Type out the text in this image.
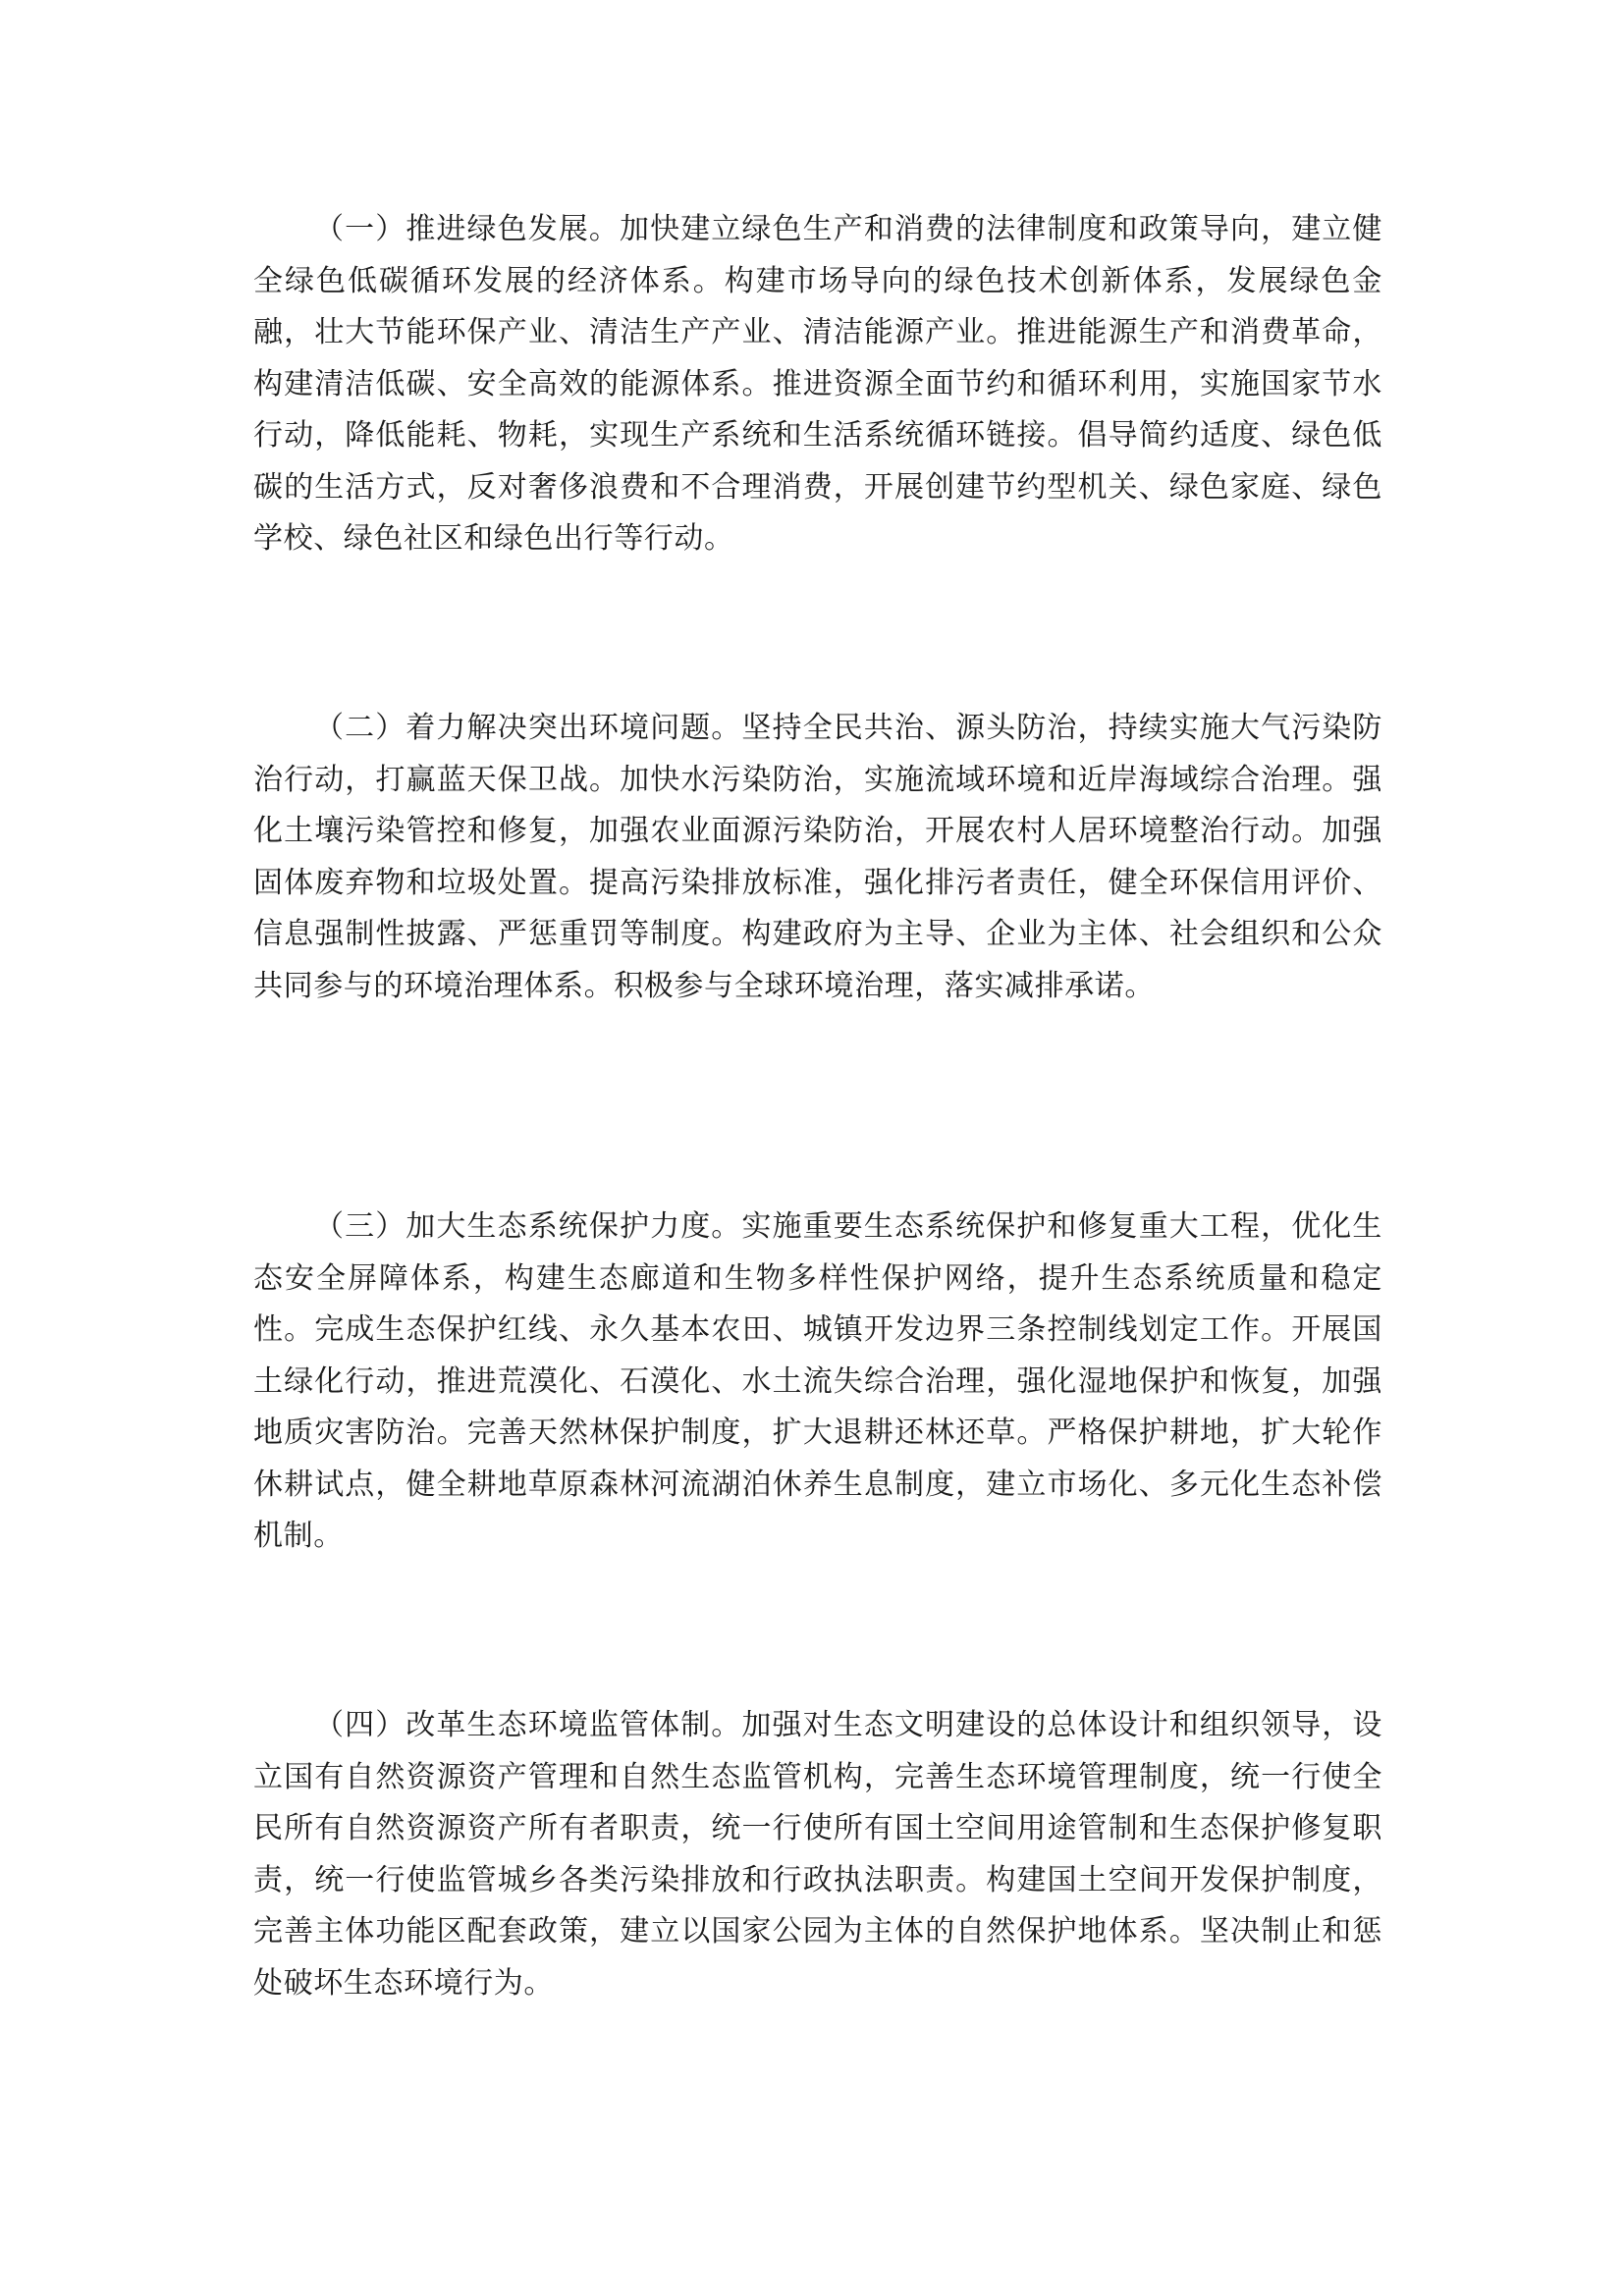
（一）推进绿色发展。加快建立绿色生产和消费的法律制度和政策导向，建立健全绿色低碳循环发展的经济体系。构建市场导向的绿色技术创新体系，发展绿色金融，壮大节能环保产业、清洁生产产业、清洁能源产业。推进能源生产和消费革命，构建清洁低碳、安全高效的能源体系。推进资源全面节约和循环利用，实施国家节水行动，降低能耗、物耗，实现生产系统和生活系统循环链接。倡导简约适度、绿色低碳的生活方式，反对奢侈浪费和不合理消费，开展创建节约型机关、绿色家庭、绿色学校、绿色社区和绿色出行等行动。

（二）着力解决突出环境问题。坚持全民共治、源头防治，持续实施大气污染防治行动，打赢蓝天保卫战。加快水污染防治，实施流域环境和近岸海域综合治理。强化土壤污染管控和修复，加强农业面源污染防治，开展农村人居环境整治行动。加强固体废弃物和垃圾处置。提高污染排放标准，强化排污者责任，健全环保信用评价、信息强制性披露、严惩重罚等制度。构建政府为主导、企业为主体、社会组织和公众共同参与的环境治理体系。积极参与全球环境治理，落实减排承诺。

（三）加大生态系统保护力度。实施重要生态系统保护和修复重大工程，优化生态安全屏障体系，构建生态廊道和生物多样性保护网络，提升生态系统质量和稳定性。完成生态保护红线、永久基本农田、城镇开发边界三条控制线划定工作。开展国土绿化行动，推进荒漠化、石漠化、水土流失综合治理，强化湿地保护和恢复，加强地质灾害防治。完善天然林保护制度，扩大退耕还林还草。严格保护耕地，扩大轮作休耕试点，健全耕地草原森林河流湖泊休养生息制度，建立市场化、多元化生态补偿机制。

（四）改革生态环境监管体制。加强对生态文明建设的总体设计和组织领导，设立国有自然资源资产管理和自然生态监管机构，完善生态环境管理制度，统一行使全民所有自然资源资产所有者职责，统一行使所有国土空间用途管制和生态保护修复职责，统一行使监管城乡各类污染排放和行政执法职责。构建国土空间开发保护制度，完善主体功能区配套政策，建立以国家公园为主体的自然保护地体系。坚决制止和惩处破坏生态环境行为。
